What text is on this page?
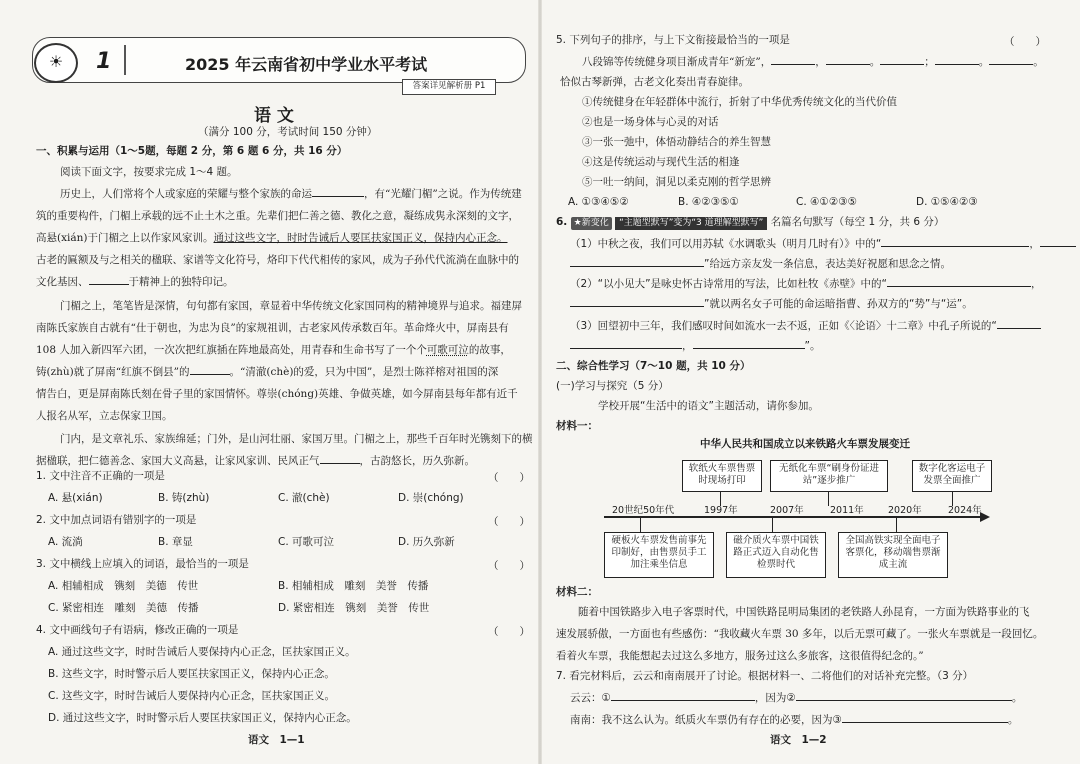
☀	1	2025 年云南省初中学业水平考试
答案详见解析册 P1
语 文
（满分 100 分，考试时间 150 分钟）
一、积累与运用（1～5题，每题 2 分，第 6 题 6 分，共 16 分）
阅读下面文字，按要求完成 1～4 题。
历史上，人们常将个人或家庭的荣耀与整个家族的命运	，有“光耀门楣”之说。作为传统建
筑的重要构件，门楣上承载的远不止土木之重。先辈们把仁善之德、教化之意，凝练成隽永深刻的文字，
高悬(xián)于门楣之上以作家风家训。通过这些文字，时时告诫后人要匡扶家国正义，保持内心正念。
古老的匾额及与之相关的楹联、家谱等文化符号，烙印下代代相传的家风，成为子孙代代流淌在血脉中的
文化基因、	于精神上的独特印记。
门楣之上，笔笔皆是深情，句句都有家国，章显着中华传统文化家国同构的精神境界与追求。福建屏
南陈氏家族自古就有“仕于朝也，为忠为良”的家规祖训，古老家风传承数百年。革命烽火中，屏南县有
108 人加入新四军六团，一次次把红旗插在阵地最高处，用青春和生命书写了一个个可歌可泣的故事，
铸(zhù)就了屏南“红旗不倒县”的	。“清澈(chè)的爱，只为中国”，是烈士陈祥榕对祖国的深
情告白，更是屏南陈氏刻在骨子里的家国情怀。尊崇(chóng)英雄、争做英雄，如今屏南县每年都有近千
人报名从军，立志保家卫国。
门内，是文章礼乐、家族绵延；门外，是山河壮丽、家国万里。门楣之上，那些千百年时光镌刻下的横
据楹联，把仁德善念、家国大义高悬，让家风家训、民风正气	，古韵悠长，历久弥新。
1. 文中注音不正确的一项是	（　　）
A. 悬(xián)	B. 铸(zhù)	C. 澈(chè)	D. 崇(chóng)
2. 文中加点词语有错别字的一项是	（　　）
A. 流淌	B. 章显	C. 可歌可泣	D. 历久弥新
3. 文中横线上应填入的词语，最恰当的一项是	（　　）
A. 相辅相成　 镌刻　 美德　 传世	B. 相辅相成　 雕刻　 美誉　 传播
C. 紧密相连　 雕刻　 美德　 传播	D. 紧密相连　 镌刻　 美誉　 传世
4. 文中画线句子有语病，修改正确的一项是	（　　）
A. 通过这些文字，时时告诫后人要保持内心正念，匡扶家国正义。
B. 这些文字，时时警示后人要匡扶家国正义，保持内心正念。
C. 这些文字，时时告诫后人要保持内心正念，匡扶家国正义。
D. 通过这些文字，时时警示后人要匡扶家国正义，保持内心正念。
语文　1—1
5. 下列句子的排序，与上下文衔接最恰当的一项是	（　　）
八段锦等传统健身项目渐成青年“新宠”，	，	。	；	。	。
恰似古琴新弹，古老文化奏出青春旋律。
①传统健身在年轻群体中流行，折射了中华优秀传统文化的当代价值
②也是一场身体与心灵的对话
③一张一弛中，体悟动静结合的养生智慧
④这是传统运动与现代生活的相逢
⑤一吐一纳间，洞见以柔克刚的哲学思辨
A. ①③④⑤②	B. ④②③⑤①	C. ④①②③⑤	D. ①⑤④②③
6. ★新变化 “主题型默写”变为“3 道理解型默写” 名篇名句默写（每空 1 分，共 6 分）
（1）中秋之夜，我们可以用苏轼《水调歌头（明月几时有）》中的“	，
”给远方亲友发一条信息，表达美好祝愿和思念之情。
（2）“以小见大”是咏史怀古诗常用的写法，比如杜牧《赤壁》中的“	，
”就以两名女子可能的命运暗指曹、孙双方的“势”与“运”。
（3）回望初中三年，我们感叹时间如流水一去不返，正如《〈论语〉十二章》中孔子所说的“
，	”。
二、综合性学习（7～10 题，共 10 分）
(一)学习与探究（5 分）
学校开展“生活中的语文”主题活动，请你参加。
材料一：
中华人民共和国成立以来铁路火车票发展变迁
软纸火车票售票时现场打印
无纸化车票“刷身份证进站”逐步推广
数字化客运电子发票全面推广
20世纪50年代	1997年	2007年	2011年	2020年	2024年
硬板火车票发售前事先印制好，由售票员手工加注乘坐信息
磁介质火车票中国铁路正式迈入自动化售检票时代
全国高铁实现全面电子客票化，移动端售票渐成主流
材料二：
随着中国铁路步入电子客票时代，中国铁路昆明局集团的老铁路人孙昆育，一方面为铁路事业的飞
速发展骄傲，一方面也有些感伤：“我收藏火车票 30 多年，以后无票可藏了。一张火车票就是一段回忆。
看着火车票，我能想起去过这么多地方，服务过这么多旅客，这很值得纪念的。”
7. 看完材料后，云云和南南展开了讨论。根据材料一、二将他们的对话补充完整。（3 分）
云云：①	，因为②	。
南南：我不这么认为。纸质火车票仍有存在的必要，因为③	。
语文　1—2
